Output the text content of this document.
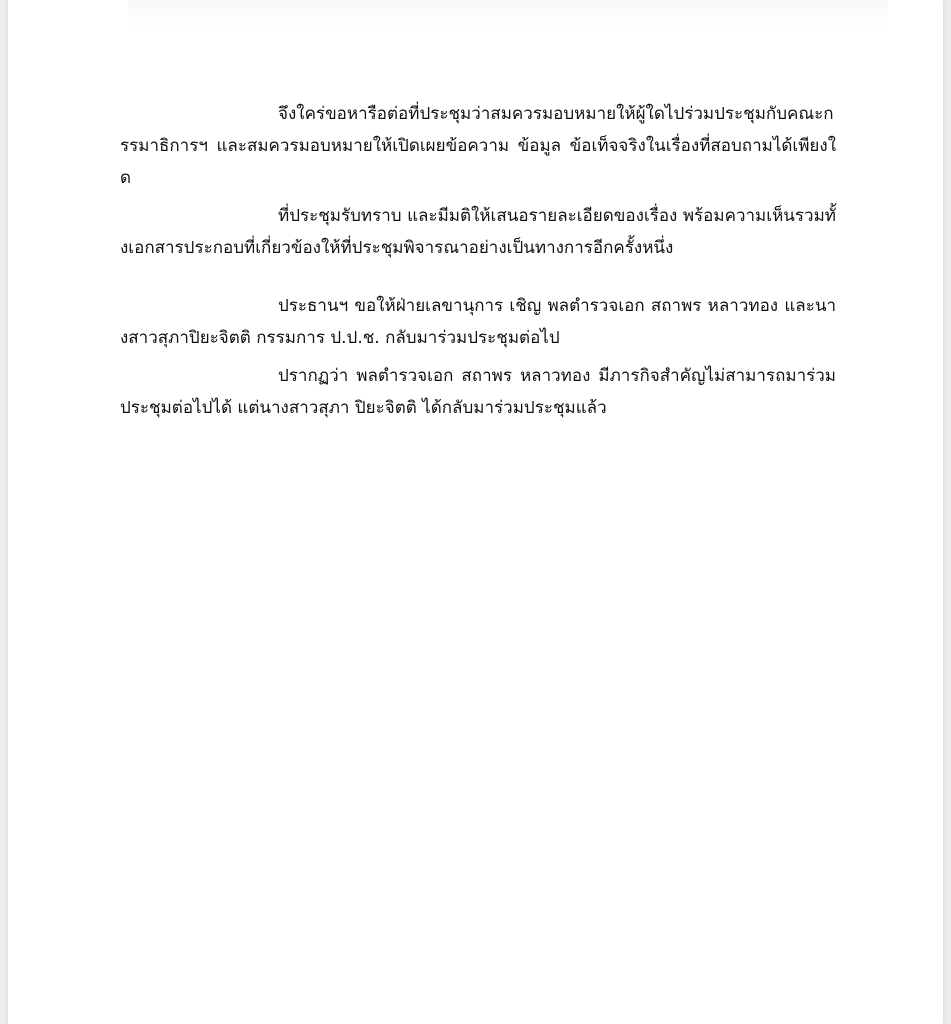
จึงใคร่ขอหารือต่อที่ประชุมว่าสมควรมอบหมายให้ผู้ใดไปร่วมประชุมกับคณะกรรมาธิการฯ และสมควรมอบหมายให้เปิดเผยข้อความ ข้อมูล ข้อเท็จจริงในเรื่องที่สอบถามได้เพียงใด

ที่ประชุมรับทราบ และมีมติให้เสนอรายละเอียดของเรื่อง พร้อมความเห็นรวมทั้งเอกสารประกอบที่เกี่ยวข้องให้ที่ประชุมพิจารณาอย่างเป็นทางการอีกครั้งหนึ่ง

ประธานฯ ขอให้ฝ่ายเลขานุการ เชิญ พลตำรวจเอก สถาพร หลาวทอง และนางสาวสุภาปิยะจิตติ กรรมการ ป.ป.ช. กลับมาร่วมประชุมต่อไป

ปรากฏว่า พลตำรวจเอก สถาพร หลาวทอง มีภารกิจสำคัญไม่สามารถมาร่วมประชุมต่อไปได้ แต่นางสาวสุภา ปิยะจิตติ ได้กลับมาร่วมประชุมแล้ว
